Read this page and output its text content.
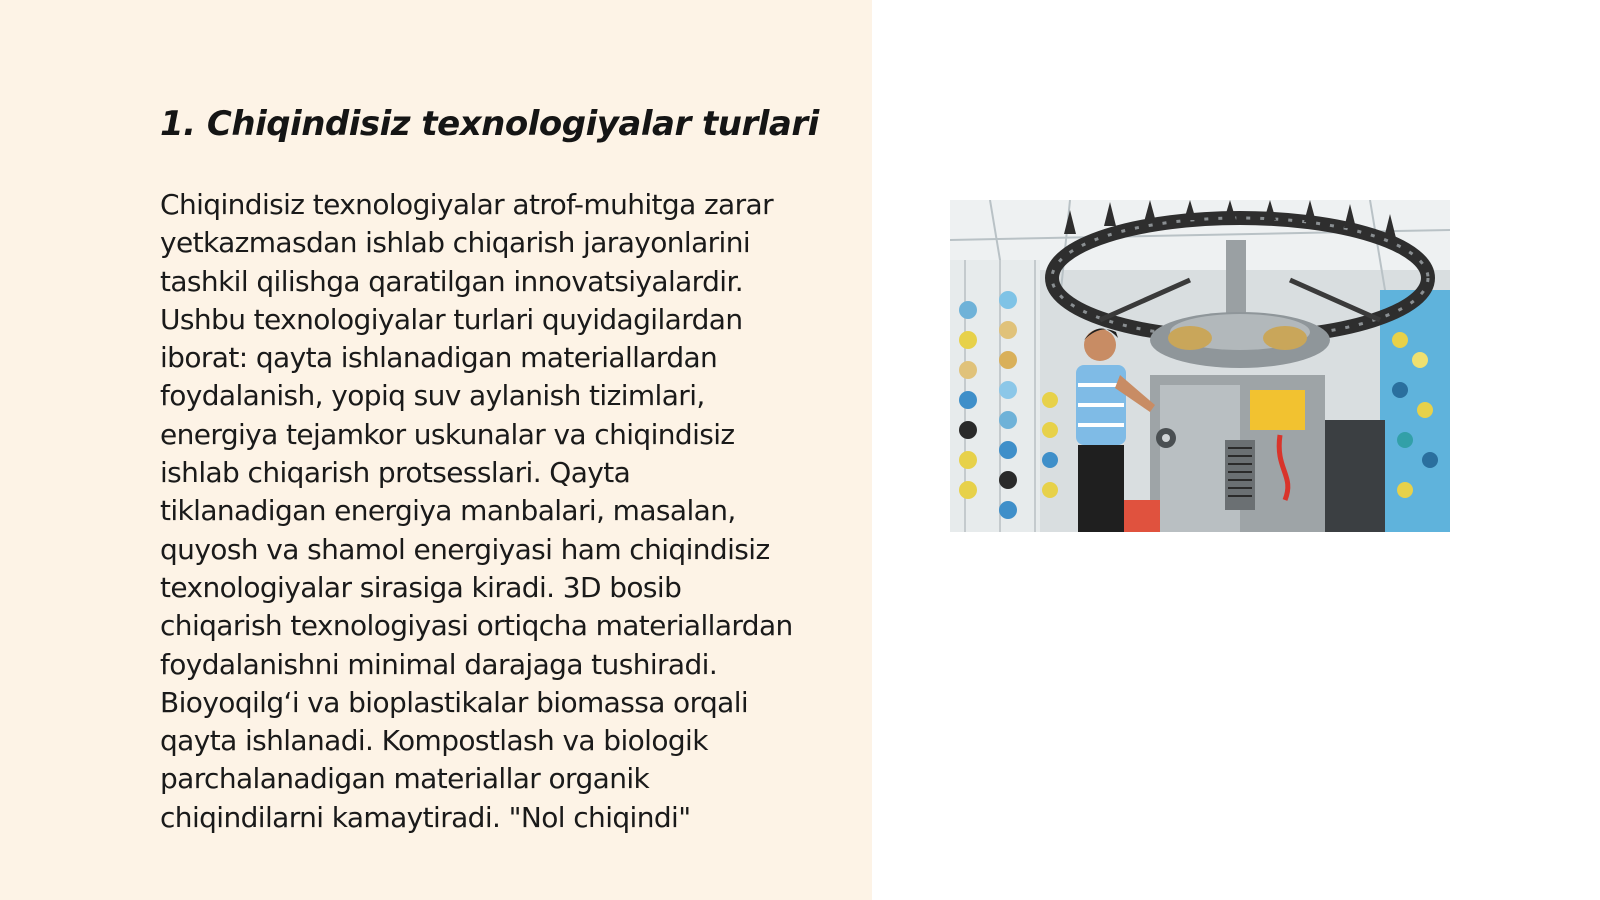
1. Chiqindisiz texnologiyalar turlari

Chiqindisiz texnologiyalar atrof-muhitga zarar yetkazmasdan ishlab chiqarish jarayonlarini tashkil qilishga qaratilgan innovatsiyalardir. Ushbu texnologiyalar turlari quyidagilardan iborat: qayta ishlanadigan materiallardan foydalanish, yopiq suv aylanish tizimlari, energiya tejamkor uskunalar va chiqindisiz ishlab chiqarish protsesslari. Qayta tiklanadigan energiya manbalari, masalan, quyosh va shamol energiyasi ham chiqindisiz texnologiyalar sirasiga kiradi. 3D bosib chiqarish texnologiyasi ortiqcha materiallardan foydalanishni minimal darajaga tushiradi. Bioyoqilg‘i va bioplastikalar biomassa orqali qayta ishlanadi. Kompostlash va biologik parchalanadigan materiallar organik chiqindilarni kamaytiradi. "Nol chiqindi"
